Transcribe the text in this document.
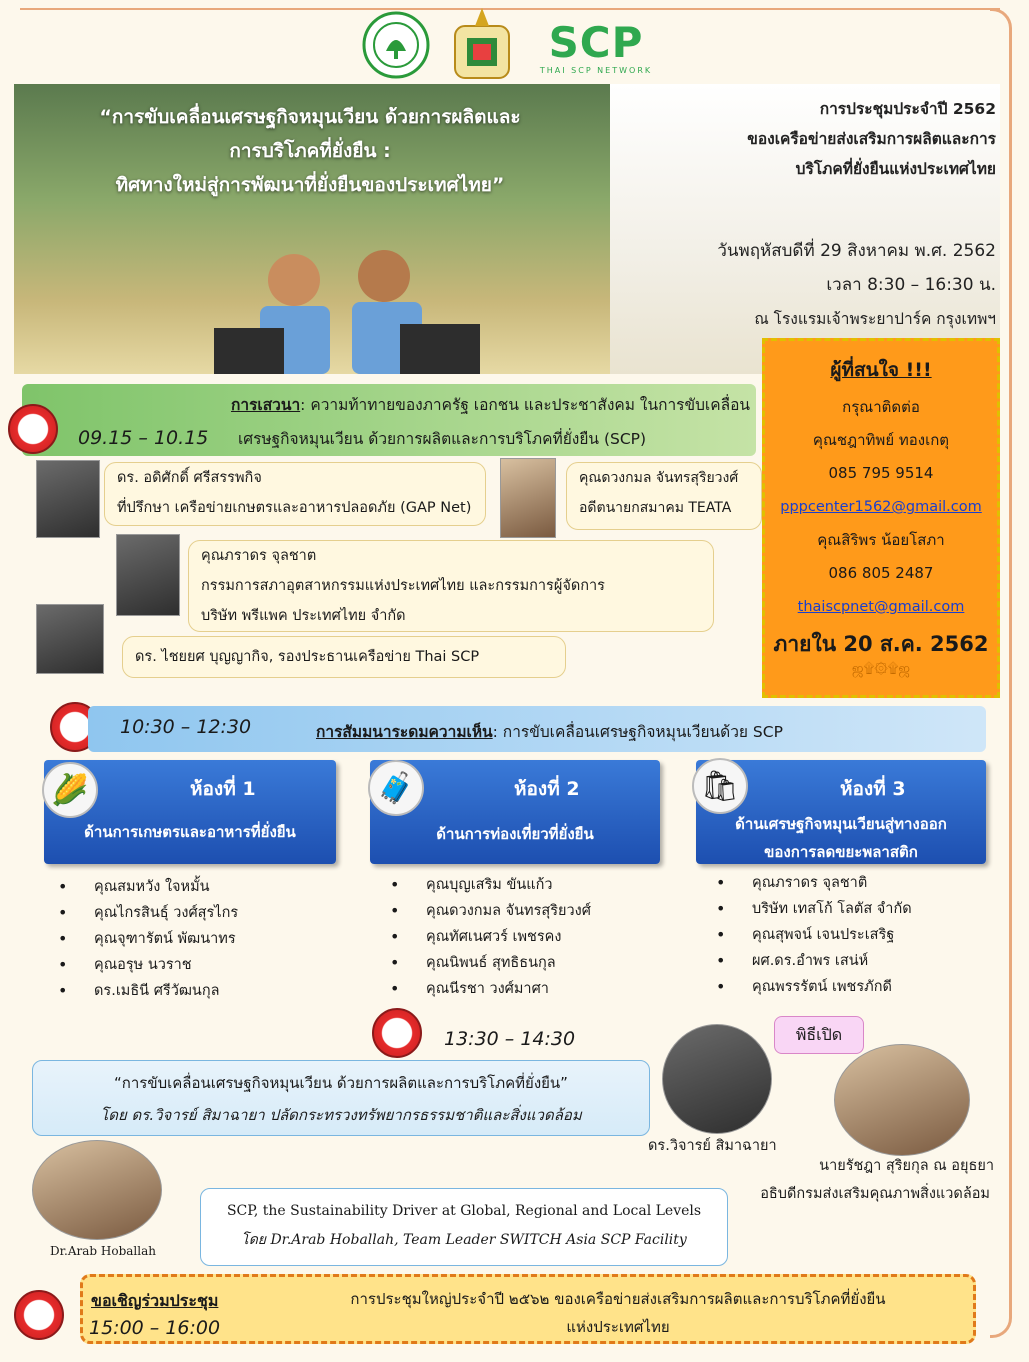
SCP
THAI SCP NETWORK
“การขับเคลื่อนเศรษฐกิจหมุนเวียน ด้วยการผลิตและ
การบริโภคที่ยั่งยืน :
ทิศทางใหม่สู่การพัฒนาที่ยั่งยืนของประเทศไทย”
การประชุมประจำปี 2562
ของเครือข่ายส่งเสริมการผลิตและการ
บริโภคที่ยั่งยืนแห่งประเทศไทย
วันพฤหัสบดีที่ 29 สิงหาคม พ.ศ. 2562
เวลา 8:30 – 16:30 น.
ณ โรงแรมเจ้าพระยาปาร์ค กรุงเทพฯ
ผู้ที่สนใจ !!!
กรุณาติดต่อ
คุณชฎาทิพย์ ทองเกตุ
085 795 9514
pppcenter1562@gmail.com
คุณสิริพร น้อยโสภา
086 805 2487
thaiscpnet@gmail.com
ภายใน 20 ส.ค. 2562
ஜ۩۞۩ஜ
การเสวนา: ความท้าทายของภาครัฐ เอกชน และประชาสังคม ในการขับเคลื่อน
09.15 – 10.15 เศรษฐกิจหมุนเวียน ด้วยการผลิตและการบริโภคที่ยั่งยืน (SCP)
ดร. อดิศักดิ์ ศรีสรรพกิจ
ที่ปรึกษา เครือข่ายเกษตรและอาหารปลอดภัย (GAP Net)
คุณดวงกมล จันทรสุริยวงศ์
อดีตนายกสมาคม TEATA
คุณภราดร จุลชาต
กรรมการสภาอุตสาหกรรมแห่งประเทศไทย และกรรมการผู้จัดการ
บริษัท พรีแพค ประเทศไทย จำกัด
ดร. ไชยยศ บุญญากิจ, รองประธานเครือข่าย Thai SCP
10:30 – 12:30	การสัมมนาระดมความเห็น: การขับเคลื่อนเศรษฐกิจหมุนเวียนด้วย SCP
ห้องที่ 1
ด้านการเกษตรและอาหารที่ยั่งยืน
🌽	ห้องที่ 2
ด้านการท่องเที่ยวที่ยั่งยืน
🧳	ห้องที่ 3
ด้านเศรษฐกิจหมุนเวียนสู่ทางออก
ของการลดขยะพลาสติก
🛍
• คุณสมหวัง ใจหมั้น
• คุณไกรสินธุ์ วงศ์สุรไกร
• คุณจุฑารัตน์ พัฒนาทร
• คุณอรุษ นวราช
• ดร.เมธินี ศรีวัฒนกุล
• คุณบุญเสริม ขันแก้ว
• คุณดวงกมล จันทรสุริยวงศ์
• คุณทัศเนศวร์ เพชรคง
• คุณนิพนธ์ สุทธิธนกุล
• คุณนีรชา วงศ์มาศา
• คุณภราดร จุลชาติ
• บริษัท เทสโก้ โลตัส จำกัด
• คุณสุพจน์ เจนประเสริฐ
• ผศ.ดร.อำพร เสน่ห์
• คุณพรรรัตน์ เพชรภักดี
13:30 – 14:30
“การขับเคลื่อนเศรษฐกิจหมุนเวียน ด้วยการผลิตและการบริโภคที่ยั่งยืน”
โดย ดร.วิจารย์ สิมาฉายา ปลัดกระทรวงทรัพยากรธรรมชาติและสิ่งแวดล้อม
พิธีเปิด
ดร.วิจารย์ สิมาฉายา
นายรัชฎา สุริยกุล ณ อยุธยา
อธิบดีกรมส่งเสริมคุณภาพสิ่งแวดล้อม
Dr.Arab Hoballah
SCP, the Sustainability Driver at Global, Regional and Local Levels
โดย Dr.Arab Hoballah, Team Leader SWITCH Asia SCP Facility
ขอเชิญร่วมประชุม
15:00 – 16:00
การประชุมใหญ่ประจำปี ๒๕๖๒ ของเครือข่ายส่งเสริมการผลิตและการบริโภคที่ยั่งยืน
แห่งประเทศไทย
